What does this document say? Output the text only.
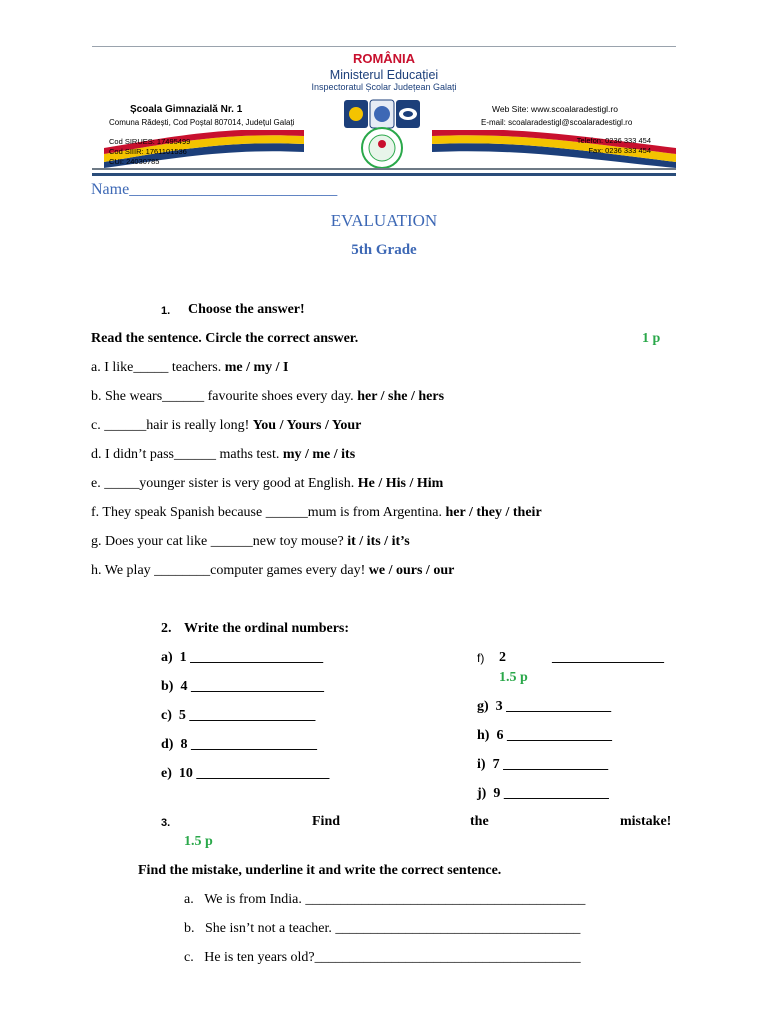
ROMÂNIA
Ministerul Educației
Inspectoratul Școlar Județean Galați
Școala Gimnazială Nr. 1
Comuna Rădești, Cod Poștal 807014, Județul Galați
Cod SIRUES: 17495499
Cod SIIIR: 1761101536
CUI: 24030785
Web Site: www.scoalaradestigl.ro
E-mail: scoalaradestigl@scoalaradestigl.ro
Telefon: 0236 333 454
Fax: 0236 333 454
Name__________________________
EVALUATION
5th Grade
1. Choose the answer!
Read the sentence. Circle the correct answer.	1 p
a. I like_____ teachers. me / my / I
b. She wears______ favourite shoes every day. her / she / hers
c. ______hair is really long! You / Yours / Your
d. I didn’t pass______ maths test. my / me / its
e. _____younger sister is very good at English. He / His / Him
f. They speak Spanish because ______mum is from Argentina. her / they / their
g. Does your cat like ______new toy mouse? it / its / it’s
h. We play ________computer games every day! we / ours / our
2. Write the ordinal numbers:
a) 1 ___________________
b) 4 ___________________
c) 5 __________________
d) 8 __________________
e) 10 ___________________
f) 2	________________
1.5 p
g) 3 _______________
h) 6 _______________
i) 7 _______________
j) 9 _______________
3.	Find	the	mistake!
1.5 p
Find the mistake, underline it and write the correct sentence.
a. We is from India. ________________________________________
b. She isn’t not a teacher. ___________________________________
c. He is ten years old?______________________________________
